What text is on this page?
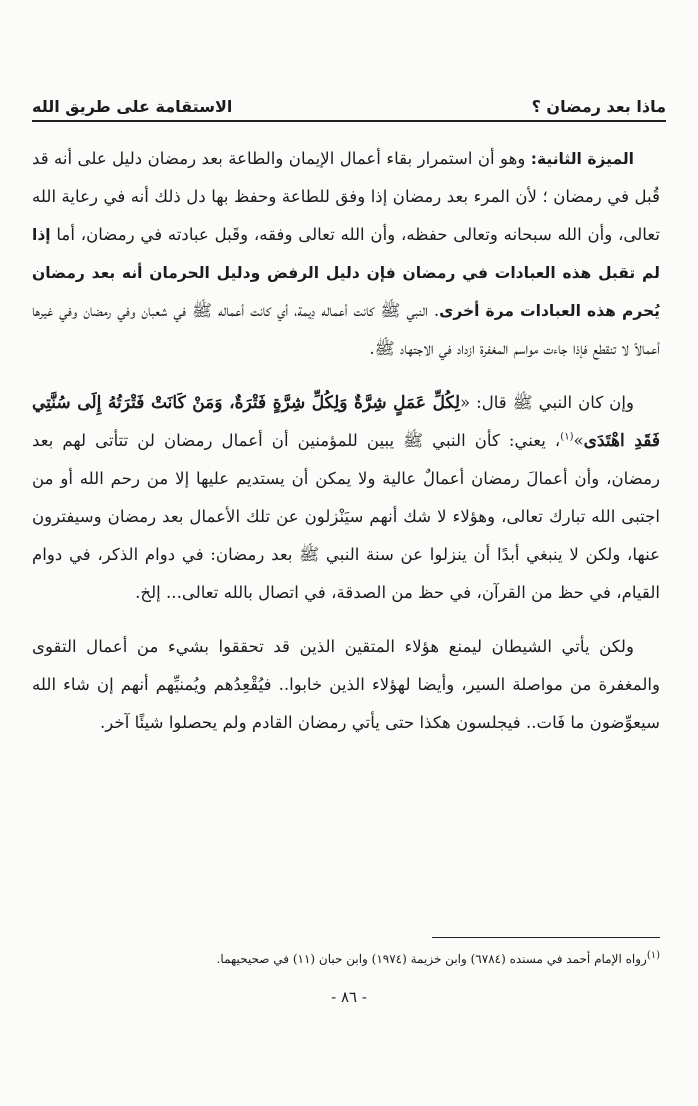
ماذا بعد رمضان ؟
الاستقامة على طريق الله

الميزة الثانية: وهو أن استمرار بقاء أعمال الإيمان والطاعة بعد رمضان دليل على أنه قد قُبل في رمضان ؛ لأن المرء بعد رمضان إذا وفق للطاعة وحفظ بها دل ذلك أنه في رعاية الله تعالى، وأن الله سبحانه وتعالى حفظه، وأن الله تعالى وفقه، وقَبل عبادته في رمضان، أما إذا لم تقبل هذه العبادات في رمضان فإن دليل الرفض ودليل الحرمان أنه بعد رمضان يُحرم هذه العبادات مرة أخرى. النبي ﷺ كانت أعماله دِيمة، أي كانت أعماله ﷺ في شعبان وفي رمضان وفي غيرها أعمالاً لا تنقطع فإذا جاءت مواسم المغفرة ازداد في الاجتهاد ﷺ.

وإن كان النبي ﷺ قال: «لِكُلِّ عَمَلٍ شِرَّةٌ وَلِكُلِّ شِرَّةٍ فَتْرَةٌ، وَمَنْ كَانَتْ فَتْرَتُهُ إِلَى سُنَّتِي فَقَدِ اهْتَدَى»$^{(١)}$، يعني: كأن النبي ﷺ يبين للمؤمنين أن أعمال رمضان لن تتأتى لهم بعد رمضان، وأن أعمالَ رمضان أعمالٌ عالية ولا يمكن أن يستديم عليها إلا من رحم الله أو من اجتبى الله تبارك تعالى، وهؤلاء لا شك أنهم سيَنْزلون عن تلك الأعمال بعد رمضان وسيفترون عنها، ولكن لا ينبغي أبدًا أن ينزلوا عن سنة النبي ﷺ بعد رمضان: في دوام الذكر، في دوام القيام، في حظ من القرآن، في حظ من الصدقة، في اتصال بالله تعالى... إلخ.

ولكن يأتي الشيطان ليمنع هؤلاء المتقين الذين قد تحققوا بشيء من أعمال التقوى والمغفرة من مواصلة السير، وأيضا لهؤلاء الذين خابوا.. فيُقْعِدُهم ويُمنيِّهم أنهم إن شاء الله سيعوِّضون ما فَات.. فيجلسون هكذا حتى يأتي رمضان القادم ولم يحصلوا شيئًا آخر.

$^{(١)}$رواه الإمام أحمد في مسنده (٦٧٨٤) وابن خزيمة (١٩٧٤) وابن حبان (١١) في صحيحيهما.
- ٨٦ -
